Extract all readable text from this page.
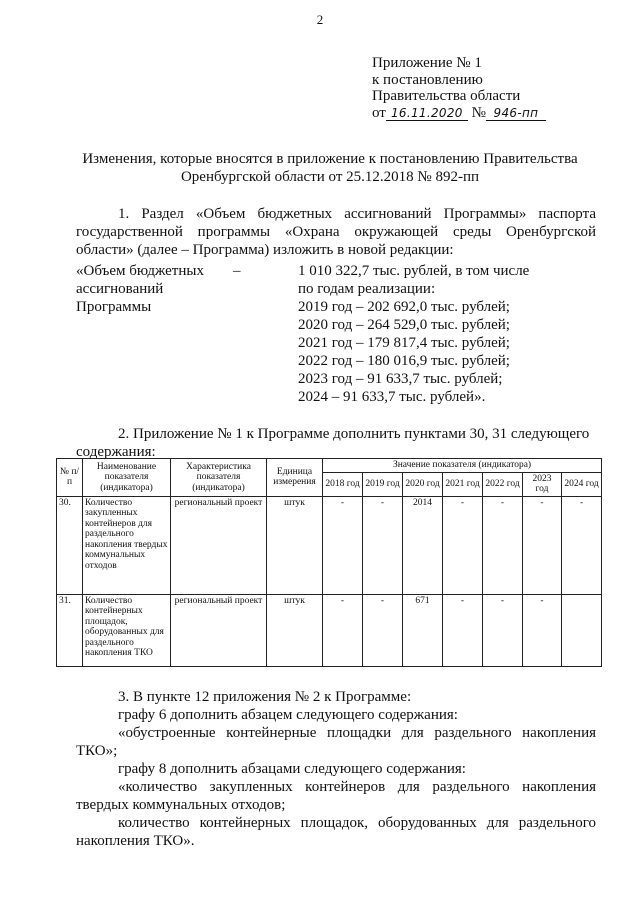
2
Приложение № 1
к постановлению
Правительства области
от 16.11.2020 № 946-пп
Изменения, которые вносятся в приложение к постановлению Правительства
Оренбургской области от 25.12.2018 № 892-пп
1. Раздел «Объем бюджетных ассигнований Программы» паспорта государственной программы «Охрана окружающей среды Оренбургской области» (далее – Программа) изложить в новой редакции:
«Объем бюджетных
ассигнований
Программы
–	1 010 322,7 тыс. рублей, в том числе
по годам реализации:
2019 год – 202 692,0 тыс. рублей;
2020 год – 264 529,0 тыс. рублей;
2021 год – 179 817,4 тыс. рублей;
2022 год – 180 016,9 тыс. рублей;
2023 год – 91 633,7 тыс. рублей;
2024 – 91 633,7 тыс. рублей».
2. Приложение № 1 к Программе дополнить пунктами 30, 31 следующего содержания:
№ п/п	Наименование показателя (индикатора)	Характеристика показателя (индикатора)	Единица измерения	Значение показателя (индикатора)						
				2018 год	2019 год	2020 год	2021 год	2022 год	2023 год	2024 год
30.	Количество закупленных контейнеров для раздельного накопления твердых коммунальных отходов	региональный проект	штук	-	-	2014	-	-	-	-
31.	Количество контейнерных площадок, оборудованных для раздельного накопления ТКО	региональный проект	штук	-	-	671	-	-	-	
3. В пункте 12 приложения № 2 к Программе:
графу 6 дополнить абзацем следующего содержания:
«обустроенные контейнерные площадки для раздельного накопления ТКО»;
графу 8 дополнить абзацами следующего содержания:
«количество закупленных контейнеров для раздельного накопления твердых коммунальных отходов;
количество контейнерных площадок, оборудованных для раздельного накопления ТКО».
